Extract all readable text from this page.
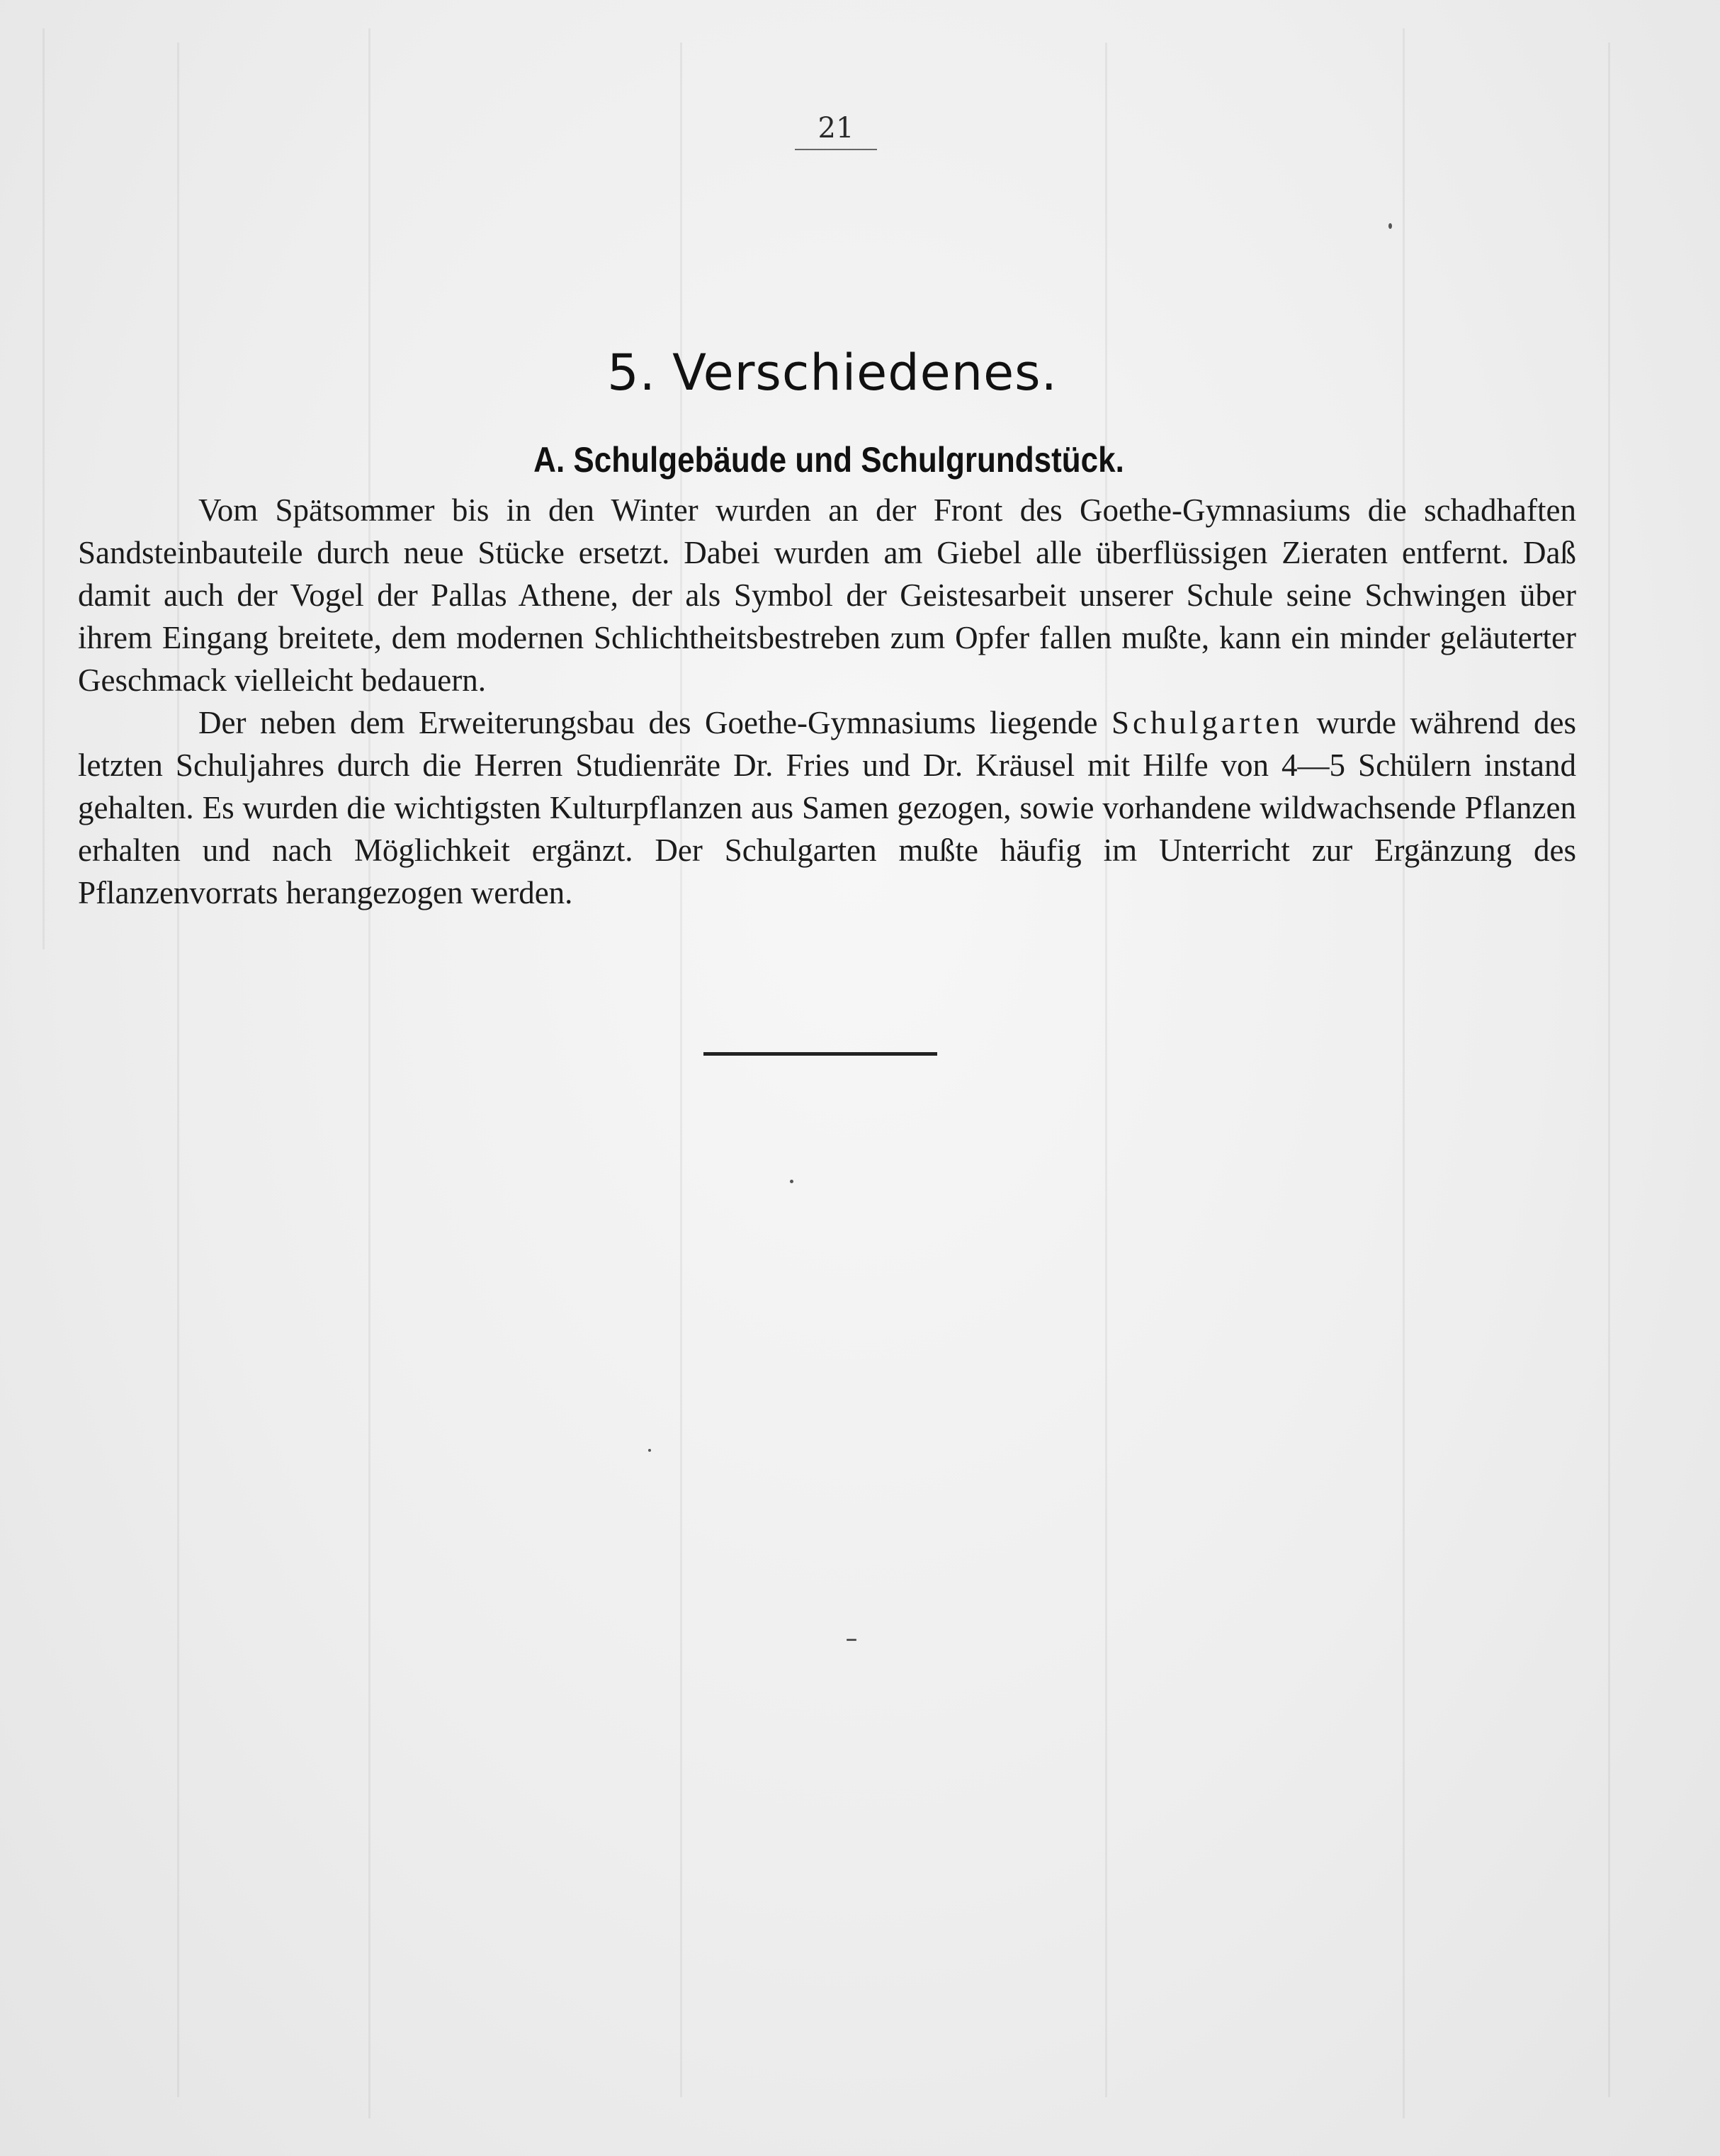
21
5. Verschiedenes.
A. Schulgebäude und Schulgrundstück.

Vom Spätsommer bis in den Winter wurden an der Front des Goethe-Gymnasiums die schadhaften Sandsteinbauteile durch neue Stücke ersetzt. Dabei wurden am Giebel alle überflüssigen Zieraten entfernt. Daß damit auch der Vogel der Pallas Athene, der als Symbol der Geistesarbeit unserer Schule seine Schwingen über ihrem Eingang breitete, dem modernen Schlichtheitsbestreben zum Opfer fallen mußte, kann ein minder geläuterter Geschmack vielleicht bedauern.

Der neben dem Erweiterungsbau des Goethe-Gymnasiums liegende Schulgarten wurde während des letzten Schuljahres durch die Herren Studienräte Dr. Fries und Dr. Kräusel mit Hilfe von 4—5 Schülern instand gehalten. Es wurden die wichtigsten Kulturpflanzen aus Samen gezogen, sowie vorhandene wildwachsende Pflanzen erhalten und nach Möglichkeit ergänzt. Der Schulgarten mußte häufig im Unterricht zur Ergänzung des Pflanzenvorrats herangezogen werden.
